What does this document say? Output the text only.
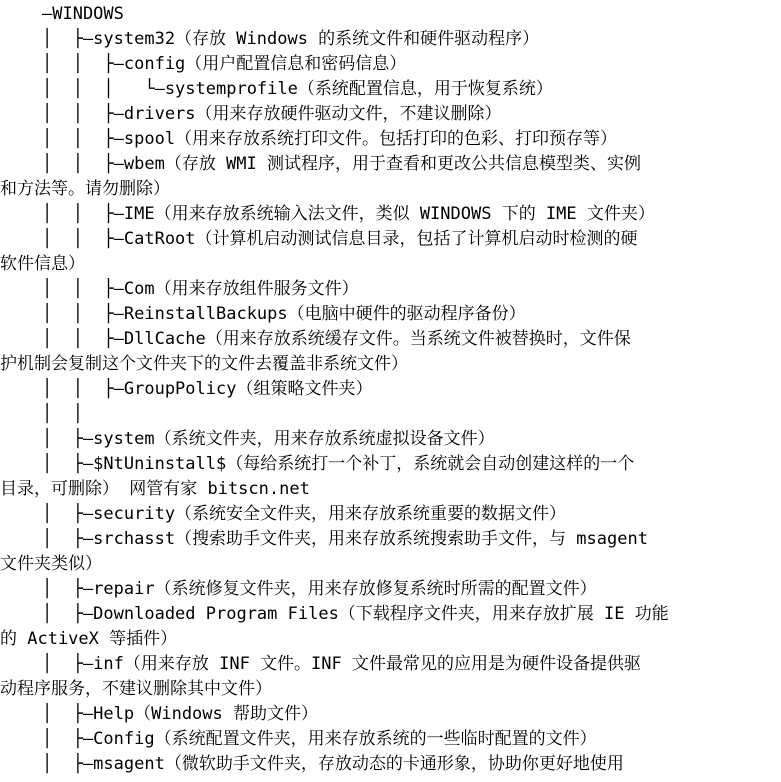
—WINDOWS
│  ├—system32（存放 Windows 的系统文件和硬件驱动程序）
│  │  ├—config（用户配置信息和密码信息）
│  │  │   └—systemprofile（系统配置信息，用于恢复系统）
│  │  ├—drivers（用来存放硬件驱动文件，不建议删除）
│  │  ├—spool（用来存放系统打印文件。包括打印的色彩、打印预存等）
│  │  ├—wbem（存放 WMI 测试程序，用于查看和更改公共信息模型类、实例
和方法等。请勿删除）
│  │  ├—IME（用来存放系统输入法文件，类似 WINDOWS 下的 IME 文件夹）
│  │  ├—CatRoot（计算机启动测试信息目录，包括了计算机启动时检测的硬
软件信息）
│  │  ├—Com（用来存放组件服务文件）
│  │  ├—ReinstallBackups（电脑中硬件的驱动程序备份）
│  │  ├—DllCache（用来存放系统缓存文件。当系统文件被替换时，文件保
护机制会复制这个文件夹下的文件去覆盖非系统文件）
│  │  ├—GroupPolicy（组策略文件夹）
│  │
│  ├—system（系统文件夹，用来存放系统虚拟设备文件）
│  ├—$NtUninstall$（每给系统打一个补丁，系统就会自动创建这样的一个
目录，可删除） 网管有家 bitscn.net
│  ├—security（系统安全文件夹，用来存放系统重要的数据文件）
│  ├—srchasst（搜索助手文件夹，用来存放系统搜索助手文件，与 msagent
文件夹类似）
│  ├—repair（系统修复文件夹，用来存放修复系统时所需的配置文件）
│  ├—Downloaded Program Files（下载程序文件夹，用来存放扩展 IE 功能
的 ActiveX 等插件）
│  ├—inf（用来存放 INF 文件。INF 文件最常见的应用是为硬件设备提供驱
动程序服务，不建议删除其中文件）
│  ├—Help（Windows 帮助文件）
│  ├—Config（系统配置文件夹，用来存放系统的一些临时配置的文件）
│  ├—msagent（微软助手文件夹，存放动态的卡通形象，协助你更好地使用
